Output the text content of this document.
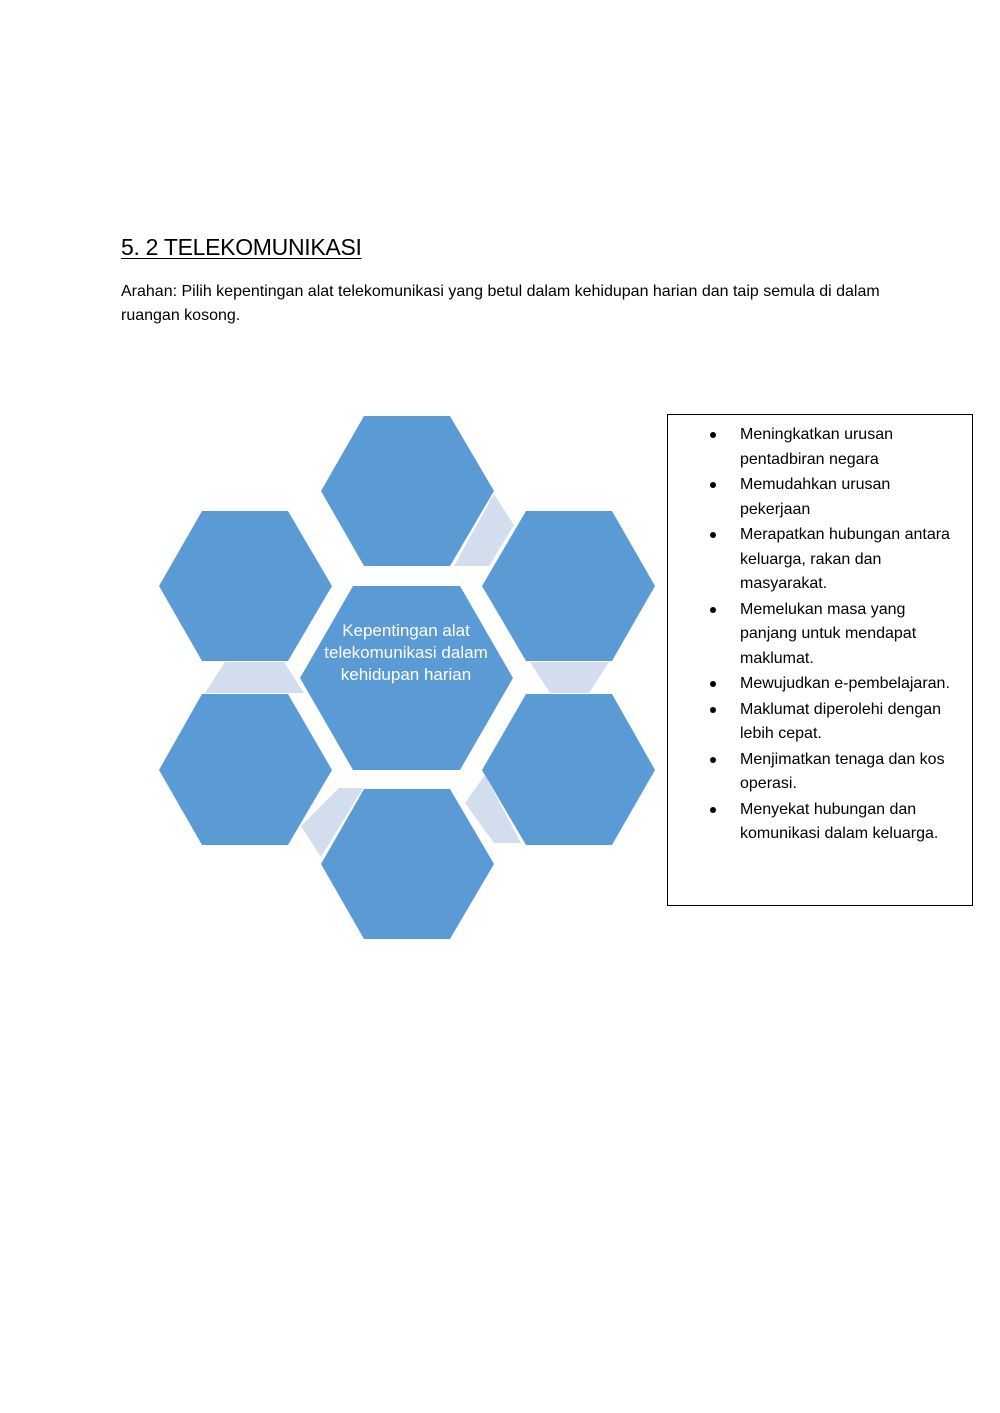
5. 2 TELEKOMUNIKASI
Arahan: Pilih kepentingan alat telekomunikasi yang betul dalam kehidupan harian dan taip semula di dalam ruangan kosong.
Kepentingan alat telekomunikasi dalam kehidupan harian
Meningkatkan urusan pentadbiran negara
Memudahkan urusan pekerjaan
Merapatkan hubungan antara keluarga, rakan dan masyarakat.
Memelukan masa yang panjang untuk mendapat maklumat.
Mewujudkan e-pembelajaran.
Maklumat diperolehi dengan lebih cepat.
Menjimatkan tenaga dan kos operasi.
Menyekat hubungan dan komunikasi dalam keluarga.
